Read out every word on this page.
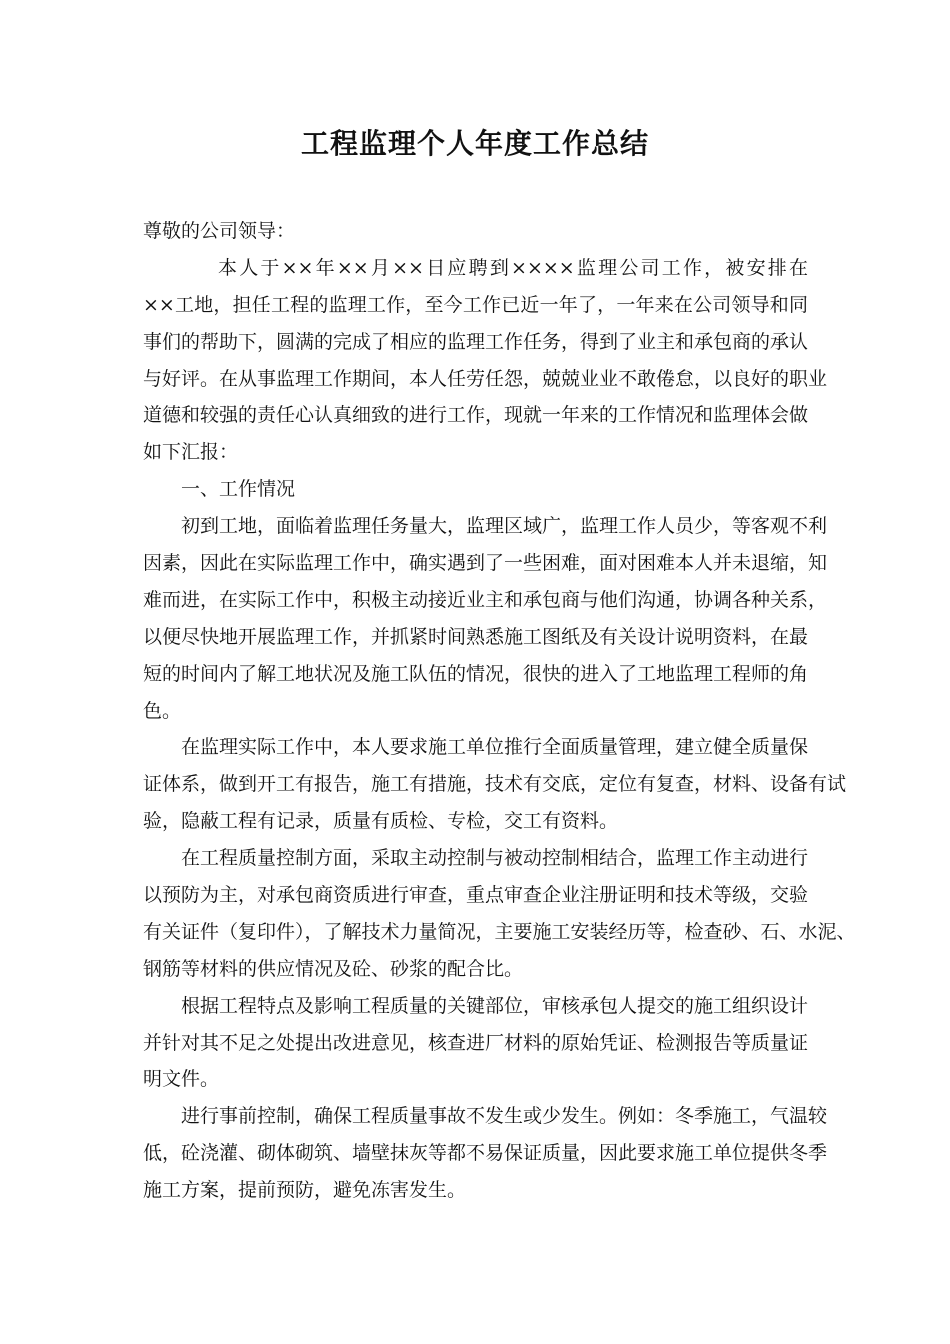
工程监理个人年度工作总结
尊敬的公司领导：
本人于××年××月××日应聘到××××监理公司工作，被安排在
××工地，担任工程的监理工作，至今工作已近一年了，一年来在公司领导和同
事们的帮助下，圆满的完成了相应的监理工作任务，得到了业主和承包商的承认
与好评。在从事监理工作期间，本人任劳任怨，兢兢业业不敢倦怠，以良好的职业
道德和较强的责任心认真细致的进行工作，现就一年来的工作情况和监理体会做
如下汇报：
一、工作情况
初到工地，面临着监理任务量大，监理区域广，监理工作人员少，等客观不利
因素，因此在实际监理工作中，确实遇到了一些困难，面对困难本人并未退缩，知
难而进，在实际工作中，积极主动接近业主和承包商与他们沟通，协调各种关系，
以便尽快地开展监理工作，并抓紧时间熟悉施工图纸及有关设计说明资料，在最
短的时间内了解工地状况及施工队伍的情况，很快的进入了工地监理工程师的角
色。
在监理实际工作中，本人要求施工单位推行全面质量管理，建立健全质量保
证体系，做到开工有报告，施工有措施，技术有交底，定位有复查，材料、设备有试
验，隐蔽工程有记录，质量有质检、专检，交工有资料。
在工程质量控制方面，采取主动控制与被动控制相结合，监理工作主动进行
以预防为主，对承包商资质进行审查，重点审查企业注册证明和技术等级，交验
有关证件（复印件），了解技术力量简况，主要施工安装经历等，检查砂、石、水泥、
钢筋等材料的供应情况及砼、砂浆的配合比。
根据工程特点及影响工程质量的关键部位，审核承包人提交的施工组织设计
并针对其不足之处提出改进意见，核查进厂材料的原始凭证、检测报告等质量证
明文件。
进行事前控制，确保工程质量事故不发生或少发生。例如：冬季施工，气温较
低，砼浇灌、砌体砌筑、墙壁抹灰等都不易保证质量，因此要求施工单位提供冬季
施工方案，提前预防，避免冻害发生。
